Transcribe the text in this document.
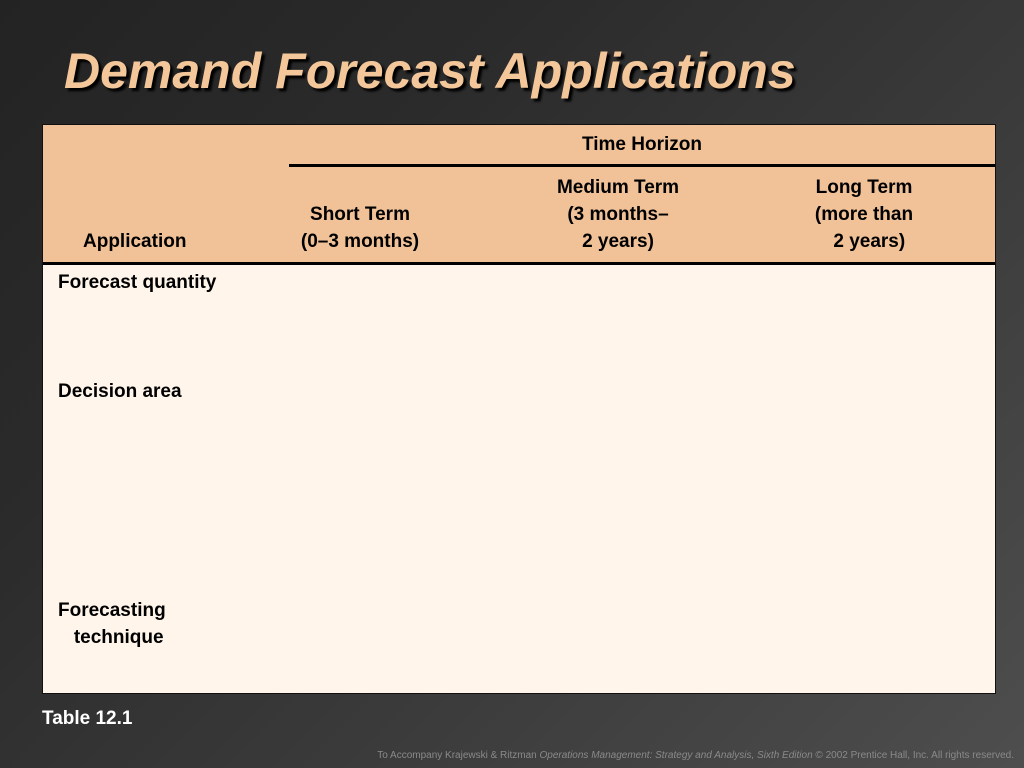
Demand Forecast Applications
Time Horizon
Application
Short Term
(0–3 months)
Medium Term
(3 months–
2 years)
Long Term
(more than
2 years)
Forecast quantity
Decision area
Forecasting
technique
Table 12.1
To Accompany Krajewski & Ritzman Operations Management: Strategy and Analysis, Sixth Edition © 2002 Prentice Hall, Inc. All rights reserved.
